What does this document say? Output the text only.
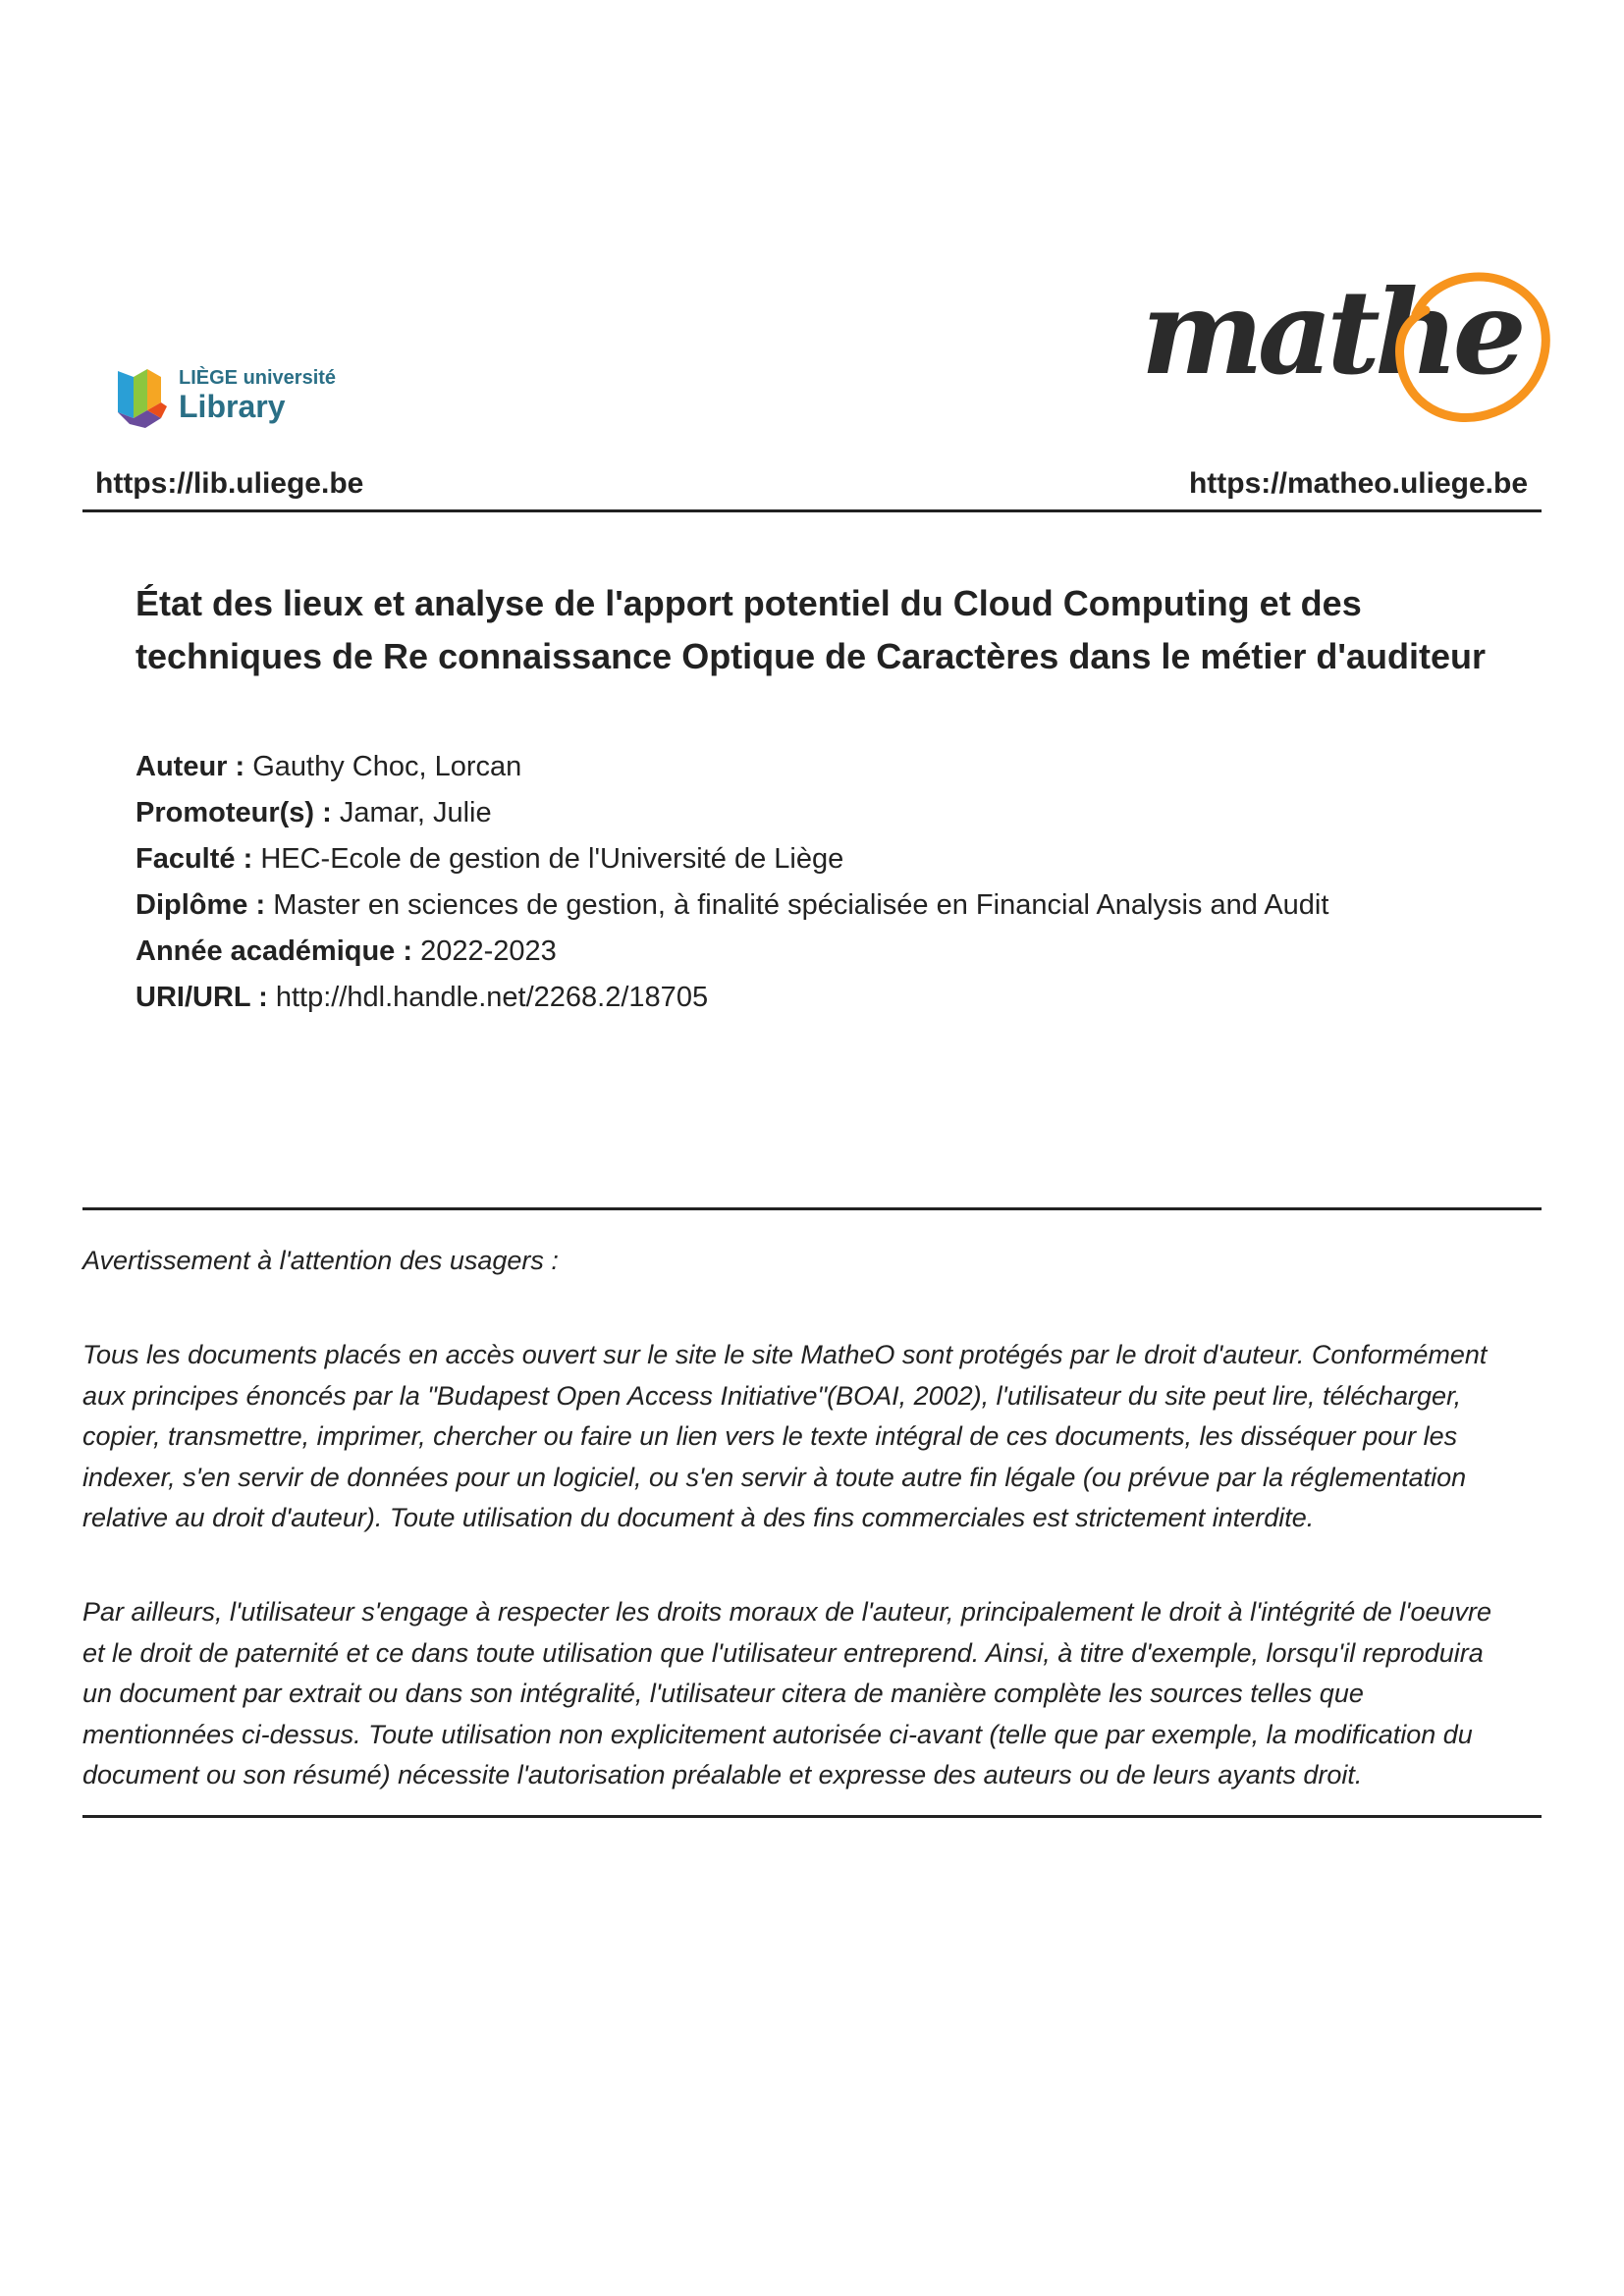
LIÈGE université
Library
mathe
https://lib.uliege.be	https://matheo.uliege.be
État des lieux et analyse de l'apport potentiel du Cloud Computing et des
techniques de Re connaissance Optique de Caractères dans le métier d'auditeur
Auteur : Gauthy Choc, Lorcan
Promoteur(s) : Jamar, Julie
Faculté : HEC-Ecole de gestion de l'Université de Liège
Diplôme : Master en sciences de gestion, à finalité spécialisée en Financial Analysis and Audit
Année académique : 2022-2023
URI/URL : http://hdl.handle.net/2268.2/18705
Avertissement à l'attention des usagers :
Tous les documents placés en accès ouvert sur le site le site MatheO sont protégés par le droit d'auteur. Conformément
aux principes énoncés par la "Budapest Open Access Initiative"(BOAI, 2002), l'utilisateur du site peut lire, télécharger,
copier, transmettre, imprimer, chercher ou faire un lien vers le texte intégral de ces documents, les disséquer pour les
indexer, s'en servir de données pour un logiciel, ou s'en servir à toute autre fin légale (ou prévue par la réglementation
relative au droit d'auteur). Toute utilisation du document à des fins commerciales est strictement interdite.
Par ailleurs, l'utilisateur s'engage à respecter les droits moraux de l'auteur, principalement le droit à l'intégrité de l'oeuvre
et le droit de paternité et ce dans toute utilisation que l'utilisateur entreprend. Ainsi, à titre d'exemple, lorsqu'il reproduira
un document par extrait ou dans son intégralité, l'utilisateur citera de manière complète les sources telles que
mentionnées ci-dessus. Toute utilisation non explicitement autorisée ci-avant (telle que par exemple, la modification du
document ou son résumé) nécessite l'autorisation préalable et expresse des auteurs ou de leurs ayants droit.
